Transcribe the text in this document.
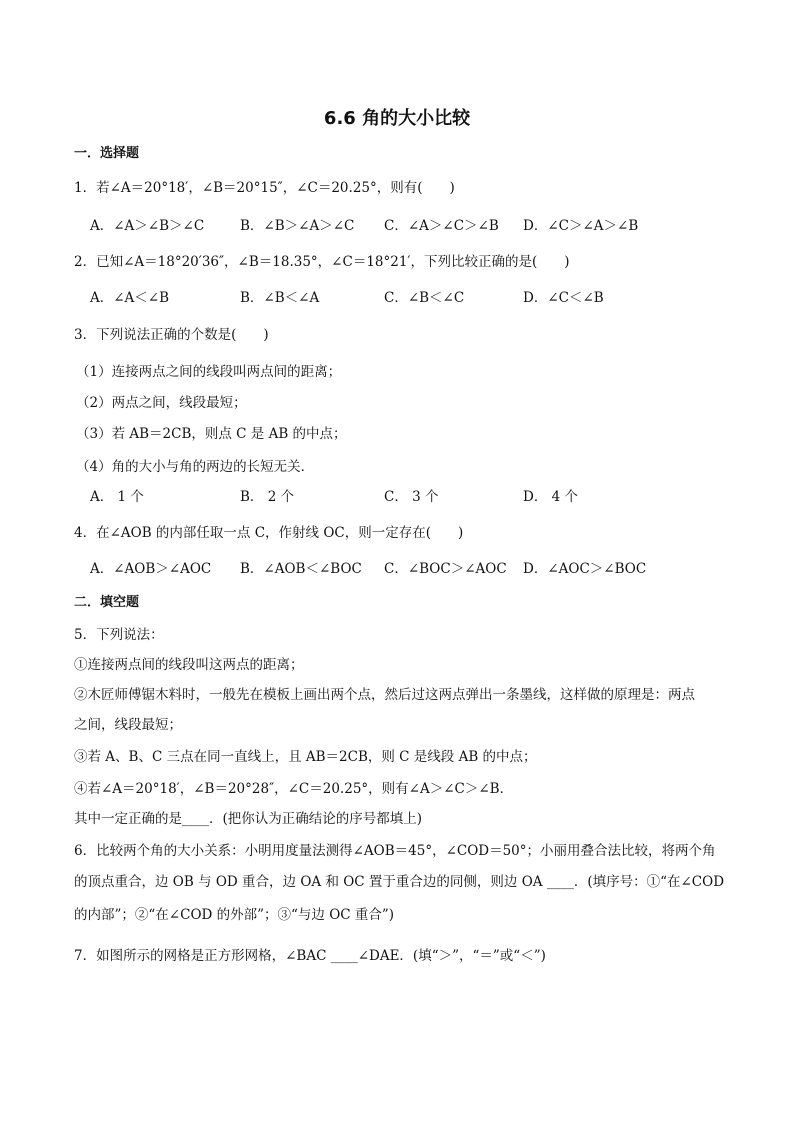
6.6 角的大小比较
一．选择题
1．若∠A＝20°18′，∠B＝20°15″，∠C＝20.25°，则有(　　)
A．∠A＞∠B＞∠C	B．∠B＞∠A＞∠C C．∠A＞∠C＞∠B D．∠C＞∠A＞∠B
2．已知∠A＝18°20′36″，∠B＝18.35°，∠C＝18°21′，下列比较正确的是(　　)
A．∠A＜∠B	B．∠B＜∠A	C．∠B＜∠C	D．∠C＜∠B
3．下列说法正确的个数是(　　)
（1）连接两点之间的线段叫两点间的距离；
（2）两点之间，线段最短；
（3）若 AB＝2CB，则点 C 是 AB 的中点；
（4）角的大小与角的两边的长短无关．
A． 1 个	B． 2 个	C． 3 个	D． 4 个
4．在∠AOB 的内部任取一点 C，作射线 OC，则一定存在(　　)
A．∠AOB＞∠AOC B．∠AOB＜∠BOC C．∠BOC＞∠AOC D．∠AOC＞∠BOC
二．填空题
5．下列说法：
①连接两点间的线段叫这两点的距离；
②木匠师傅锯木料时，一般先在模板上画出两个点，然后过这两点弹出一条墨线，这样做的原理是：两点
之间，线段最短；
③若 A、B、C 三点在同一直线上，且 AB＝2CB，则 C 是线段 AB 的中点；
④若∠A＝20°18′，∠B＝20°28″，∠C＝20.25°，则有∠A＞∠C＞∠B．
其中一定正确的是____．(把你认为正确结论的序号都填上)
6．比较两个角的大小关系：小明用度量法测得∠AOB＝45°，∠COD＝50°；小丽用叠合法比较，将两个角
的顶点重合，边 OB 与 OD 重合，边 OA 和 OC 置于重合边的同侧，则边 OA ____．(填序号：①“在∠COD
的内部”；②“在∠COD 的外部”；③“与边 OC 重合”)
7．如图所示的网格是正方形网格，∠BAC ____∠DAE．(填“＞”，“＝”或“＜”)
